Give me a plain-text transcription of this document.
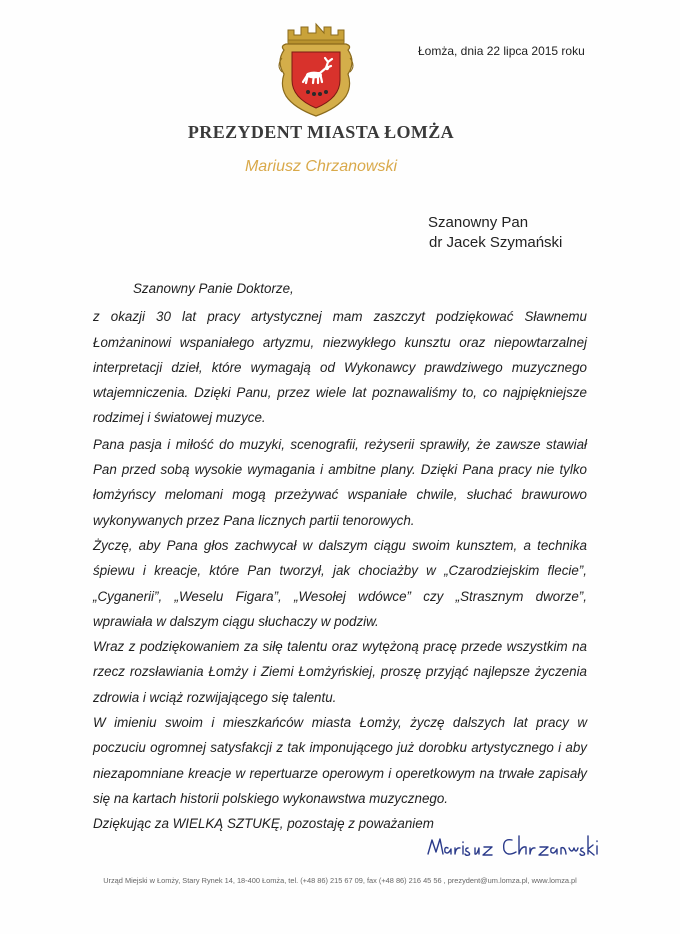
Łomża, dnia 22 lipca 2015 roku
PREZYDENT MIASTA ŁOMŻA
Mariusz Chrzanowski
Szanowny Pan
dr Jacek Szymański
Szanowny Panie Doktorze,

z okazji 30 lat pracy artystycznej mam zaszczyt podziękować Sławnemu Łomżaninowi wspaniałego artyzmu, niezwykłego kunsztu oraz niepowtarzalnej interpretacji dzieł, które wymagają od Wykonawcy prawdziwego muzycznego wtajemniczenia. Dzięki Panu, przez wiele lat poznawaliśmy to, co najpiękniejsze rodzimej i światowej muzyce.

Pana pasja i miłość do muzyki, scenografii, reżyserii sprawiły, że zawsze stawiał Pan przed sobą wysokie wymagania i ambitne plany. Dzięki Pana pracy nie tylko łomżyńscy melomani mogą przeżywać wspaniałe chwile, słuchać brawurowo wykonywanych przez Pana licznych partii tenorowych.

Życzę, aby Pana głos zachwycał w dalszym ciągu swoim kunsztem, a technika śpiewu i kreacje, które Pan tworzył, jak chociażby w „Czarodziejskim flecie”, „Cyganerii”, „Weselu Figara”, „Wesołej wdówce” czy „Strasznym dworze”, wprawiała w dalszym ciągu słuchaczy w podziw.

Wraz z podziękowaniem za siłę talentu oraz wytężoną pracę przede wszystkim na rzecz rozsławiania Łomży i Ziemi Łomżyńskiej, proszę przyjąć najlepsze życzenia zdrowia i wciąż rozwijającego się talentu.

W imieniu swoim i mieszkańców miasta Łomży, życzę dalszych lat pracy w poczuciu ogromnej satysfakcji z tak imponującego już dorobku artystycznego i aby niezapomniane kreacje w repertuarze operowym i operetkowym na trwałe zapisały się na kartach historii polskiego wykonawstwa muzycznego.

Dziękując za WIELKĄ SZTUKĘ, pozostaję z poważaniem

Urząd Miejski w Łomży, Stary Rynek 14, 18-400 Łomża, tel. (+48 86) 215 67 09, fax (+48 86) 216 45 56 , prezydent@um.lomza.pl, www.lomza.pl
